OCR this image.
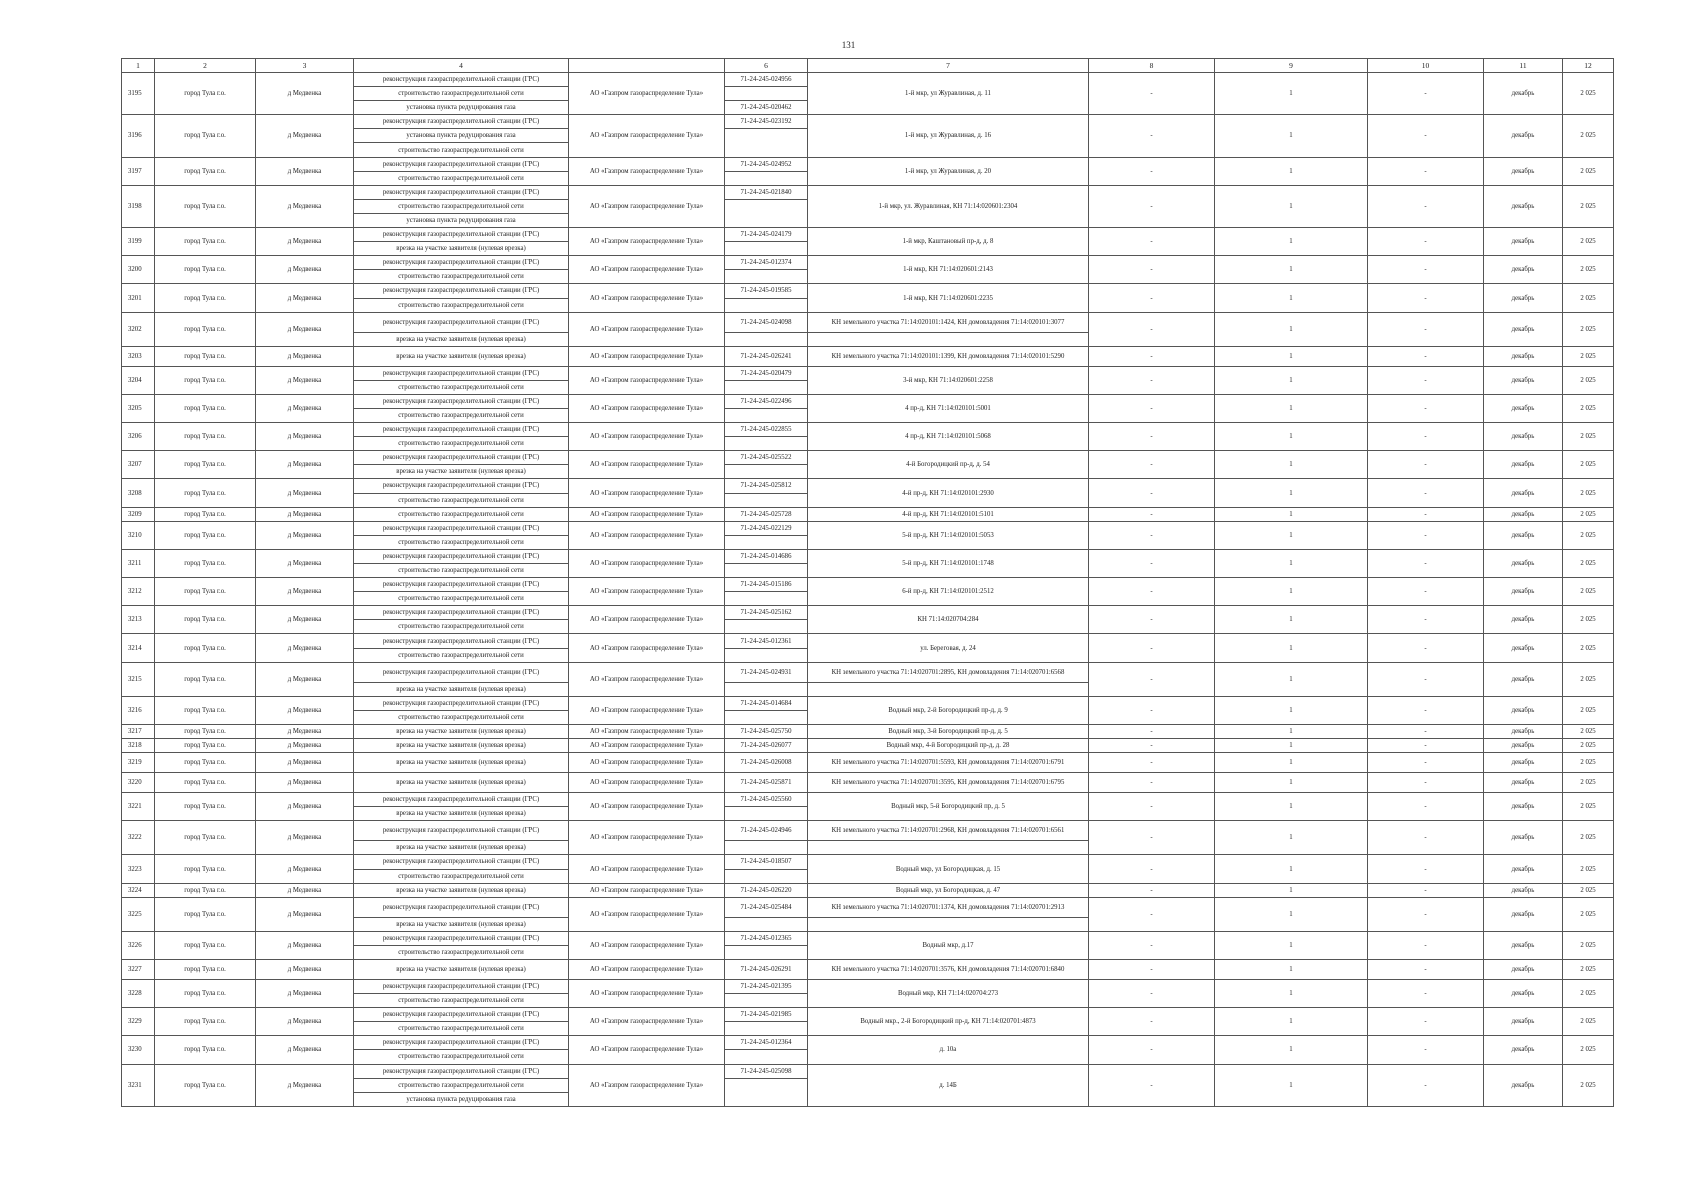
131
1	2	3	4		6	7	8	9	10	11	12
3195	город Тула г.о.	д Медвенка	реконструкция газораспределительной станции (ГРС)	АО «Газпром газораспределение Тула»	71-24-245-024956	1-й мкр, ул Журавлиная, д. 11	-	1	-	декабрь	2 025
			строительство газораспределительной сети								
			установка пункта редуцирования газа		71-24-245-020462						
3196	город Тула г.о.	д Медвенка	реконструкция газораспределительной станции (ГРС)	АО «Газпром газораспределение Тула»	71-24-245-023192	1-й мкр, ул Журавлиная, д. 16	-	1	-	декабрь	2 025
			установка пункта редуцирования газа								
			строительство газораспределительной сети								
3197	город Тула г.о.	д Медвенка	реконструкция газораспределительной станции (ГРС)	АО «Газпром газораспределение Тула»	71-24-245-024952	1-й мкр, ул Журавлиная, д. 20	-	1	-	декабрь	2 025
			строительство газораспределительной сети								
3198	город Тула г.о.	д Медвенка	реконструкция газораспределительной станции (ГРС)	АО «Газпром газораспределение Тула»	71-24-245-021840	1-й мкр, ул. Журавлиная, КН 71:14:020601:2304	-	1	-	декабрь	2 025
			строительство газораспределительной сети								
			установка пункта редуцирования газа								
3199	город Тула г.о.	д Медвенка	реконструкция газораспределительной станции (ГРС)	АО «Газпром газораспределение Тула»	71-24-245-024179	1-й мкр, Каштановый пр-д, д. 8	-	1	-	декабрь	2 025
			врезка на участке заявителя (нулевая врезка)								
3200	город Тула г.о.	д Медвенка	реконструкция газораспределительной станции (ГРС)	АО «Газпром газораспределение Тула»	71-24-245-012374	1-й мкр, КН 71:14:020601:2143	-	1	-	декабрь	2 025
			строительство газораспределительной сети								
3201	город Тула г.о.	д Медвенка	реконструкция газораспределительной станции (ГРС)	АО «Газпром газораспределение Тула»	71-24-245-019585	1-й мкр, КН 71:14:020601:2235	-	1	-	декабрь	2 025
			строительство газораспределительной сети								
3202	город Тула г.о.	д Медвенка	реконструкция газораспределительной станции (ГРС)	АО «Газпром газораспределение Тула»	71-24-245-024098	КН земельного участка 71:14:020101:1424, КН домовладения 71:14:020101:3077	-	1	-	декабрь	2 025
			врезка на участке заявителя (нулевая врезка)								
3203	город Тула г.о.	д Медвенка	врезка на участке заявителя (нулевая врезка)	АО «Газпром газораспределение Тула»	71-24-245-026241	КН земельного участка 71:14:020101:1399, КН домовладения 71:14:020101:5290	-	1	-	декабрь	2 025
3204	город Тула г.о.	д Медвенка	реконструкция газораспределительной станции (ГРС)	АО «Газпром газораспределение Тула»	71-24-245-020479	3-й мкр, КН 71:14:020601:2258	-	1	-	декабрь	2 025
			строительство газораспределительной сети								
3205	город Тула г.о.	д Медвенка	реконструкция газораспределительной станции (ГРС)	АО «Газпром газораспределение Тула»	71-24-245-022496	4 пр-д, КН 71:14:020101:5001	-	1	-	декабрь	2 025
			строительство газораспределительной сети								
3206	город Тула г.о.	д Медвенка	реконструкция газораспределительной станции (ГРС)	АО «Газпром газораспределение Тула»	71-24-245-022855	4 пр-д, КН 71:14:020101:5068	-	1	-	декабрь	2 025
			строительство газораспределительной сети								
3207	город Тула г.о.	д Медвенка	реконструкция газораспределительной станции (ГРС)	АО «Газпром газораспределение Тула»	71-24-245-025522	4-й Богородицкий пр-д, д. 54	-	1	-	декабрь	2 025
			врезка на участке заявителя (нулевая врезка)								
3208	город Тула г.о.	д Медвенка	реконструкция газораспределительной станции (ГРС)	АО «Газпром газораспределение Тула»	71-24-245-025812	4-й пр-д, КН 71:14:020101:2930	-	1	-	декабрь	2 025
			строительство газораспределительной сети								
3209	город Тула г.о.	д Медвенка	строительство газораспределительной сети	АО «Газпром газораспределение Тула»	71-24-245-025728	4-й пр-д, КН 71:14:020101:5101	-	1	-	декабрь	2 025
3210	город Тула г.о.	д Медвенка	реконструкция газораспределительной станции (ГРС)	АО «Газпром газораспределение Тула»	71-24-245-022129	5-й пр-д, КН 71:14:020101:5053	-	1	-	декабрь	2 025
			строительство газораспределительной сети								
3211	город Тула г.о.	д Медвенка	реконструкция газораспределительной станции (ГРС)	АО «Газпром газораспределение Тула»	71-24-245-014686	5-й пр-д, КН 71:14:020101:1748	-	1	-	декабрь	2 025
			строительство газораспределительной сети								
3212	город Тула г.о.	д Медвенка	реконструкция газораспределительной станции (ГРС)	АО «Газпром газораспределение Тула»	71-24-245-015186	6-й пр-д, КН 71:14:020101:2512	-	1	-	декабрь	2 025
			строительство газораспределительной сети								
3213	город Тула г.о.	д Медвенка	реконструкция газораспределительной станции (ГРС)	АО «Газпром газораспределение Тула»	71-24-245-025162	КН 71:14:020704:284	-	1	-	декабрь	2 025
			строительство газораспределительной сети								
3214	город Тула г.о.	д Медвенка	реконструкция газораспределительной станции (ГРС)	АО «Газпром газораспределение Тула»	71-24-245-012361	ул. Береговая, д. 24	-	1	-	декабрь	2 025
			строительство газораспределительной сети								
3215	город Тула г.о.	д Медвенка	реконструкция газораспределительной станции (ГРС)	АО «Газпром газораспределение Тула»	71-24-245-024931	КН земельного участка 71:14:020701:2895, КН домовладения 71:14:020701:6568	-	1	-	декабрь	2 025
			врезка на участке заявителя (нулевая врезка)								
3216	город Тула г.о.	д Медвенка	реконструкция газораспределительной станции (ГРС)	АО «Газпром газораспределение Тула»	71-24-245-014684	Водный мкр, 2-й Богородицкий пр-д, д. 9	-	1	-	декабрь	2 025
			строительство газораспределительной сети								
3217	город Тула г.о.	д Медвенка	врезка на участке заявителя (нулевая врезка)	АО «Газпром газораспределение Тула»	71-24-245-025750	Водный мкр, 3-й Богородицкий пр-д, д. 5	-	1	-	декабрь	2 025
3218	город Тула г.о.	д Медвенка	врезка на участке заявителя (нулевая врезка)	АО «Газпром газораспределение Тула»	71-24-245-026077	Водный мкр, 4-й Богородицкий пр-д, д. 28	-	1	-	декабрь	2 025
3219	город Тула г.о.	д Медвенка	врезка на участке заявителя (нулевая врезка)	АО «Газпром газораспределение Тула»	71-24-245-026008	КН земельного участка 71:14:020701:5593, КН домовладения 71:14:020701:6791	-	1	-	декабрь	2 025
3220	город Тула г.о.	д Медвенка	врезка на участке заявителя (нулевая врезка)	АО «Газпром газораспределение Тула»	71-24-245-025871	КН земельного участка 71:14:020701:3595, КН домовладения 71:14:020701:6795	-	1	-	декабрь	2 025
3221	город Тула г.о.	д Медвенка	реконструкция газораспределительной станции (ГРС)	АО «Газпром газораспределение Тула»	71-24-245-025560	Водный мкр, 5-й Богородицкий пр, д. 5	-	1	-	декабрь	2 025
			врезка на участке заявителя (нулевая врезка)								
3222	город Тула г.о.	д Медвенка	реконструкция газораспределительной станции (ГРС)	АО «Газпром газораспределение Тула»	71-24-245-024946	КН земельного участка 71:14:020701:2968, КН домовладения 71:14:020701:6561	-	1	-	декабрь	2 025
			врезка на участке заявителя (нулевая врезка)								
3223	город Тула г.о.	д Медвенка	реконструкция газораспределительной станции (ГРС)	АО «Газпром газораспределение Тула»	71-24-245-018507	Водный мкр, ул Богородицкая, д. 15	-	1	-	декабрь	2 025
			строительство газораспределительной сети								
3224	город Тула г.о.	д Медвенка	врезка на участке заявителя (нулевая врезка)	АО «Газпром газораспределение Тула»	71-24-245-026220	Водный мкр, ул Богородицкая, д. 47	-	1	-	декабрь	2 025
3225	город Тула г.о.	д Медвенка	реконструкция газораспределительной станции (ГРС)	АО «Газпром газораспределение Тула»	71-24-245-025484	КН земельного участка 71:14:020701:1374, КН домовладения 71:14:020701:2913	-	1	-	декабрь	2 025
			врезка на участке заявителя (нулевая врезка)								
3226	город Тула г.о.	д Медвенка	реконструкция газораспределительной станции (ГРС)	АО «Газпром газораспределение Тула»	71-24-245-012365	Водный мкр, д.17	-	1	-	декабрь	2 025
			строительство газораспределительной сети								
3227	город Тула г.о.	д Медвенка	врезка на участке заявителя (нулевая врезка)	АО «Газпром газораспределение Тула»	71-24-245-026291	КН земельного участка 71:14:020701:3576, КН домовладения 71:14:020701:6840	-	1	-	декабрь	2 025
3228	город Тула г.о.	д Медвенка	реконструкция газораспределительной станции (ГРС)	АО «Газпром газораспределение Тула»	71-24-245-021395	Водный мкр, КН 71:14:020704:273	-	1	-	декабрь	2 025
			строительство газораспределительной сети								
3229	город Тула г.о.	д Медвенка	реконструкция газораспределительной станции (ГРС)	АО «Газпром газораспределение Тула»	71-24-245-021985	Водный мкр., 2-й Богородицкий пр-д, КН 71:14:020701:4873	-	1	-	декабрь	2 025
			строительство газораспределительной сети								
3230	город Тула г.о.	д Медвенка	реконструкция газораспределительной станции (ГРС)	АО «Газпром газораспределение Тула»	71-24-245-012364	д. 10а	-	1	-	декабрь	2 025
			строительство газораспределительной сети								
3231	город Тула г.о.	д Медвенка	реконструкция газораспределительной станции (ГРС)	АО «Газпром газораспределение Тула»	71-24-245-025098	д. 14Б	-	1	-	декабрь	2 025
			строительство газораспределительной сети								
			установка пункта редуцирования газа								
